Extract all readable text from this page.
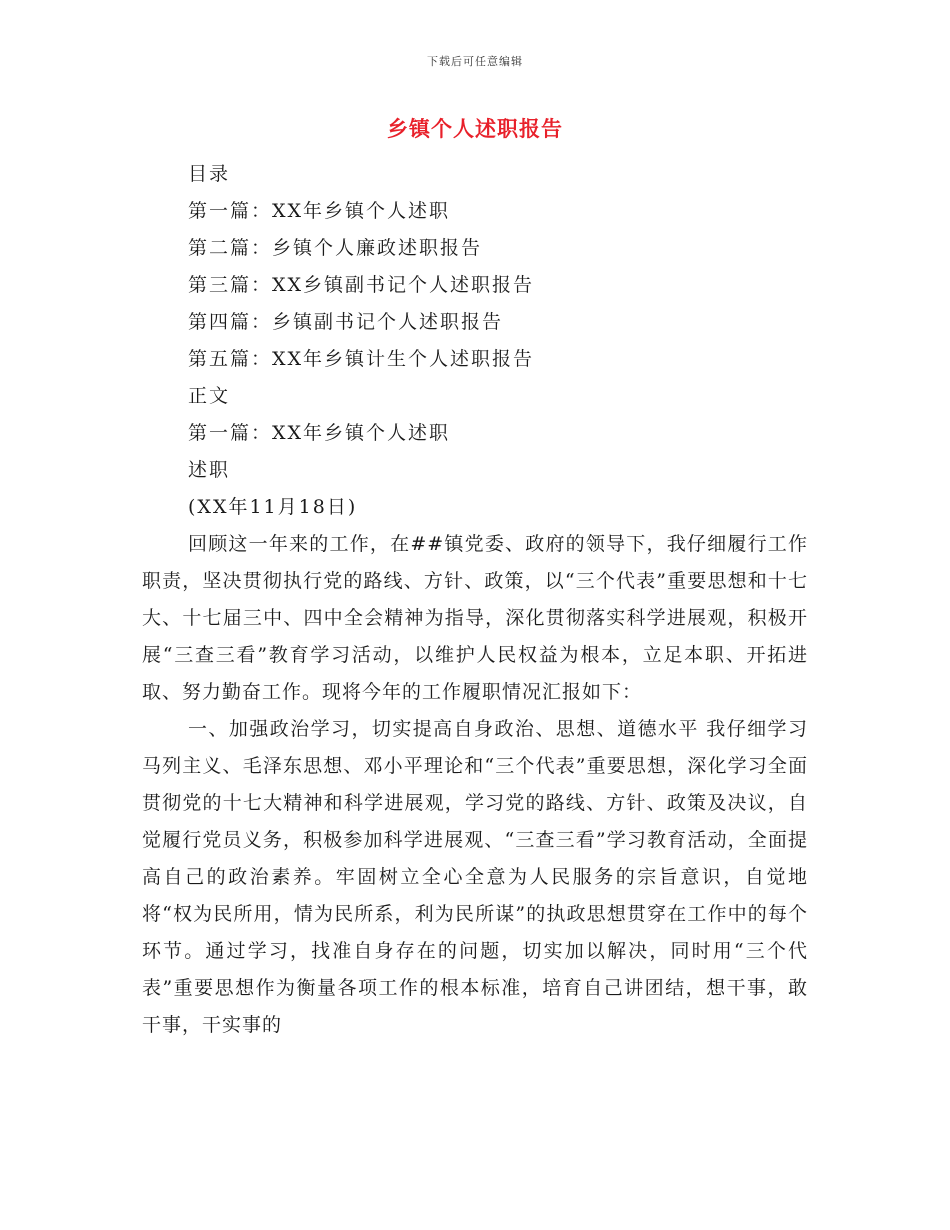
下载后可任意编辑
乡镇个人述职报告
目录
第一篇：XX年乡镇个人述职
第二篇：乡镇个人廉政述职报告
第三篇：XX乡镇副书记个人述职报告
第四篇：乡镇副书记个人述职报告
第五篇：XX年乡镇计生个人述职报告
正文
第一篇：XX年乡镇个人述职
述职
(XX年11月18日)

回顾这一年来的工作，在##镇党委、政府的领导下，我仔细履行工作职责，坚决贯彻执行党的路线、方针、政策，以“三个代表”重要思想和十七大、十七届三中、四中全会精神为指导，深化贯彻落实科学进展观，积极开展“三查三看”教育学习活动，以维护人民权益为根本，立足本职、开拓进取、努力勤奋工作。现将今年的工作履职情况汇报如下：

一、加强政治学习，切实提高自身政治、思想、道德水平 我仔细学习马列主义、毛泽东思想、邓小平理论和“三个代表”重要思想，深化学习全面贯彻党的十七大精神和科学进展观，学习党的路线、方针、政策及决议，自觉履行党员义务，积极参加科学进展观、“三查三看”学习教育活动，全面提高自己的政治素养。牢固树立全心全意为人民服务的宗旨意识，自觉地将“权为民所用，情为民所系，利为民所谋”的执政思想贯穿在工作中的每个环节。通过学习，找准自身存在的问题，切实加以解决，同时用“三个代表”重要思想作为衡量各项工作的根本标准，培育自己讲团结，想干事，敢干事，干实事的
